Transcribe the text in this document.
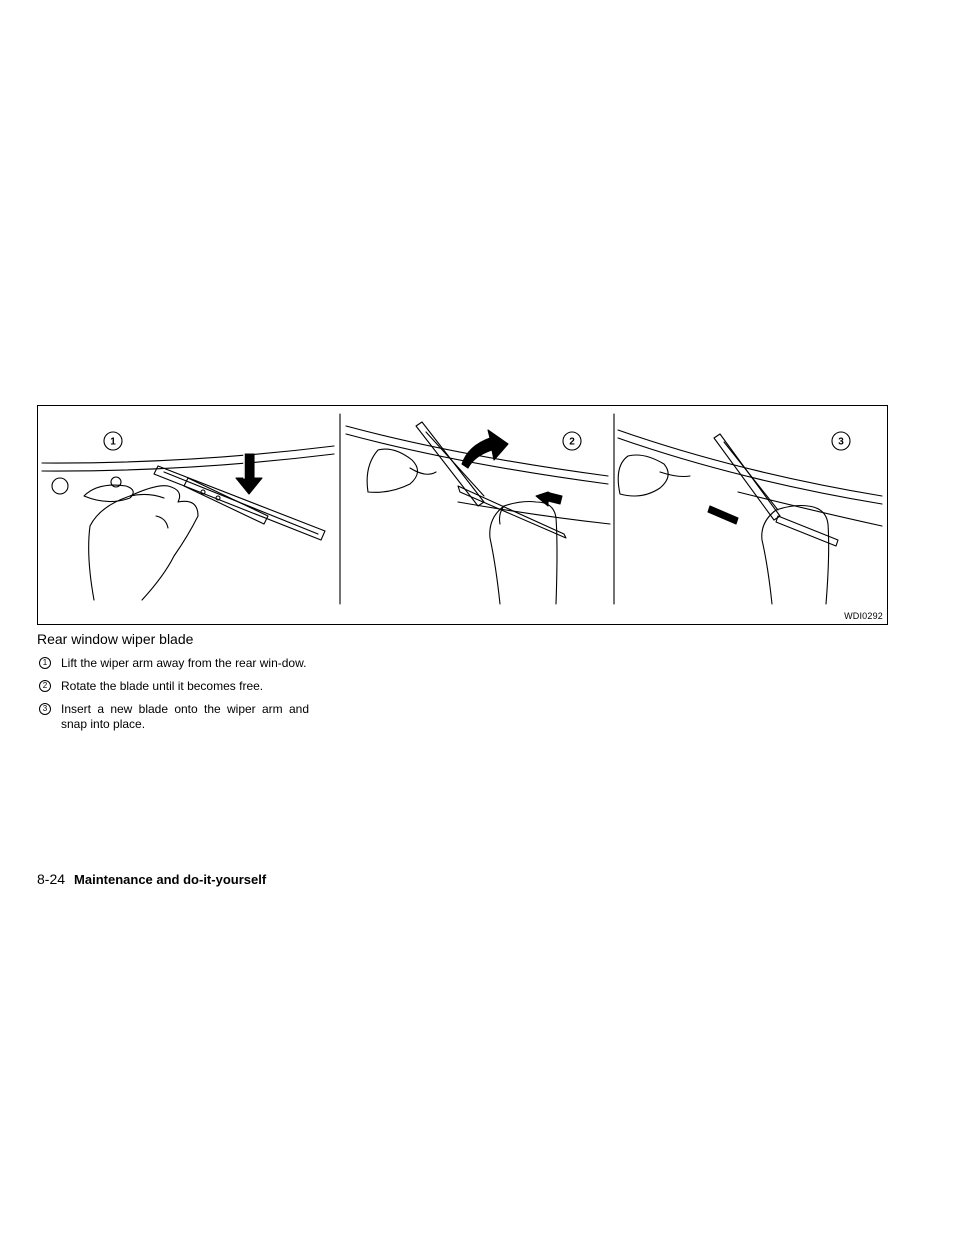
1	2	3
WDI0292
Rear window wiper blade
1	Lift the wiper arm away from the rear win-dow.
2	Rotate the blade until it becomes free.
3	Insert a new blade onto the wiper arm and snap into place.
8-24 Maintenance and do-it-yourself
